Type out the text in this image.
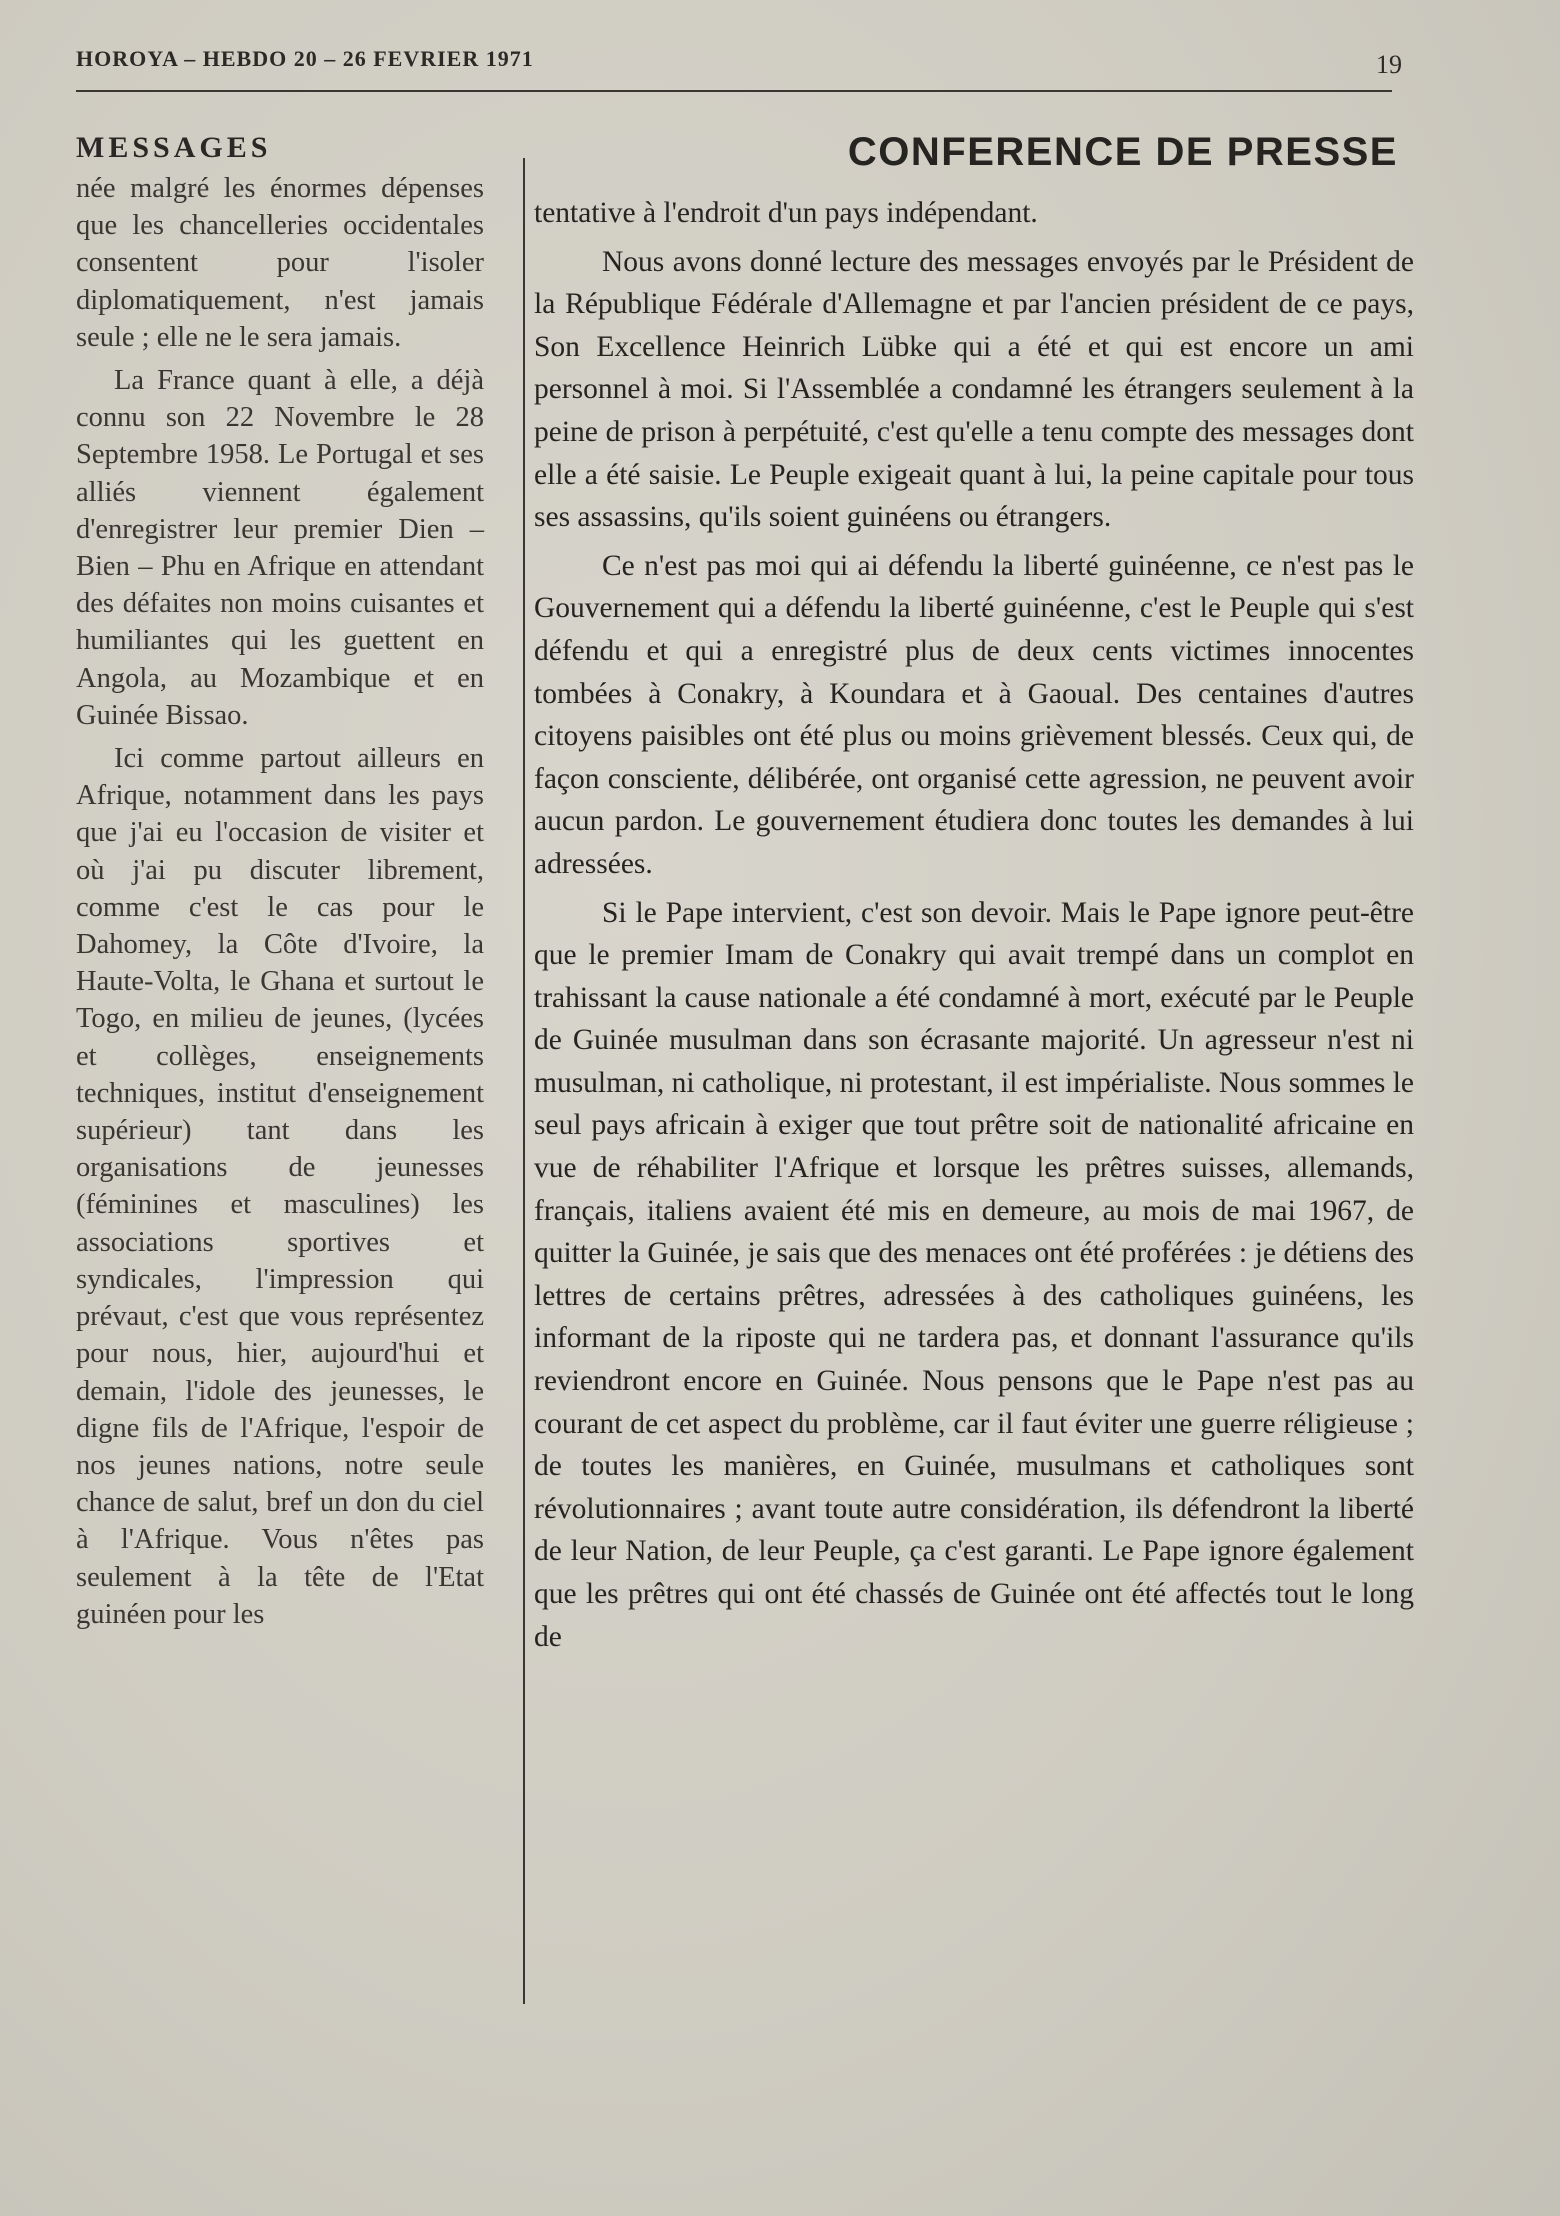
HOROYA – HEBDO 20 – 26 FEVRIER 1971	19
MESSAGES

née malgré les énormes dépenses que les chancelleries occidentales consentent pour l'isoler diplomatiquement, n'est jamais seule ; elle ne le sera jamais.

La France quant à elle, a déjà connu son 22 Novembre le 28 Septembre 1958. Le Portugal et ses alliés viennent également d'enregistrer leur premier Dien – Bien – Phu en Afrique en attendant des défaites non moins cuisantes et humiliantes qui les guettent en Angola, au Mozambique et en Guinée Bissao.

Ici comme partout ailleurs en Afrique, notamment dans les pays que j'ai eu l'occasion de visiter et où j'ai pu discuter librement, comme c'est le cas pour le Dahomey, la Côte d'Ivoire, la Haute-Volta, le Ghana et surtout le Togo, en milieu de jeunes, (lycées et collèges, enseignements techniques, institut d'enseignement supérieur) tant dans les organisations de jeunesses (féminines et masculines) les associations sportives et syndicales, l'impression qui prévaut, c'est que vous représentez pour nous, hier, aujourd'hui et demain, l'idole des jeunesses, le digne fils de l'Afrique, l'espoir de nos jeunes nations, notre seule chance de salut, bref un don du ciel à l'Afrique. Vous n'êtes pas seulement à la tête de l'Etat guinéen pour les

CONFERENCE DE PRESSE

tentative à l'endroit d'un pays indépendant.

Nous avons donné lecture des messages envoyés par le Président de la République Fédérale d'Allemagne et par l'ancien président de ce pays, Son Excellence Heinrich Lübke qui a été et qui est encore un ami personnel à moi. Si l'Assemblée a condamné les étrangers seulement à la peine de prison à perpétuité, c'est qu'elle a tenu compte des messages dont elle a été saisie. Le Peuple exigeait quant à lui, la peine capitale pour tous ses assassins, qu'ils soient guinéens ou étrangers.

Ce n'est pas moi qui ai défendu la liberté guinéenne, ce n'est pas le Gouvernement qui a défendu la liberté guinéenne, c'est le Peuple qui s'est défendu et qui a enregistré plus de deux cents victimes innocentes tombées à Conakry, à Koundara et à Gaoual. Des centaines d'autres citoyens paisibles ont été plus ou moins grièvement blessés. Ceux qui, de façon consciente, délibérée, ont organisé cette agression, ne peuvent avoir aucun pardon. Le gouvernement étudiera donc toutes les demandes à lui adressées.

Si le Pape intervient, c'est son devoir. Mais le Pape ignore peut-être que le premier Imam de Conakry qui avait trempé dans un complot en trahissant la cause nationale a été condamné à mort, exécuté par le Peuple de Guinée musulman dans son écrasante majorité. Un agresseur n'est ni musulman, ni catholique, ni protestant, il est impérialiste. Nous sommes le seul pays africain à exiger que tout prêtre soit de nationalité africaine en vue de réhabiliter l'Afrique et lorsque les prêtres suisses, allemands, français, italiens avaient été mis en demeure, au mois de mai 1967, de quitter la Guinée, je sais que des menaces ont été proférées : je détiens des lettres de certains prêtres, adressées à des catholiques guinéens, les informant de la riposte qui ne tardera pas, et donnant l'assurance qu'ils reviendront encore en Guinée. Nous pensons que le Pape n'est pas au courant de cet aspect du problème, car il faut éviter une guerre réligieuse ; de toutes les manières, en Guinée, musulmans et catholiques sont révolutionnaires ; avant toute autre considération, ils défendront la liberté de leur Nation, de leur Peuple, ça c'est garanti. Le Pape ignore également que les prêtres qui ont été chassés de Guinée ont été affectés tout le long de
